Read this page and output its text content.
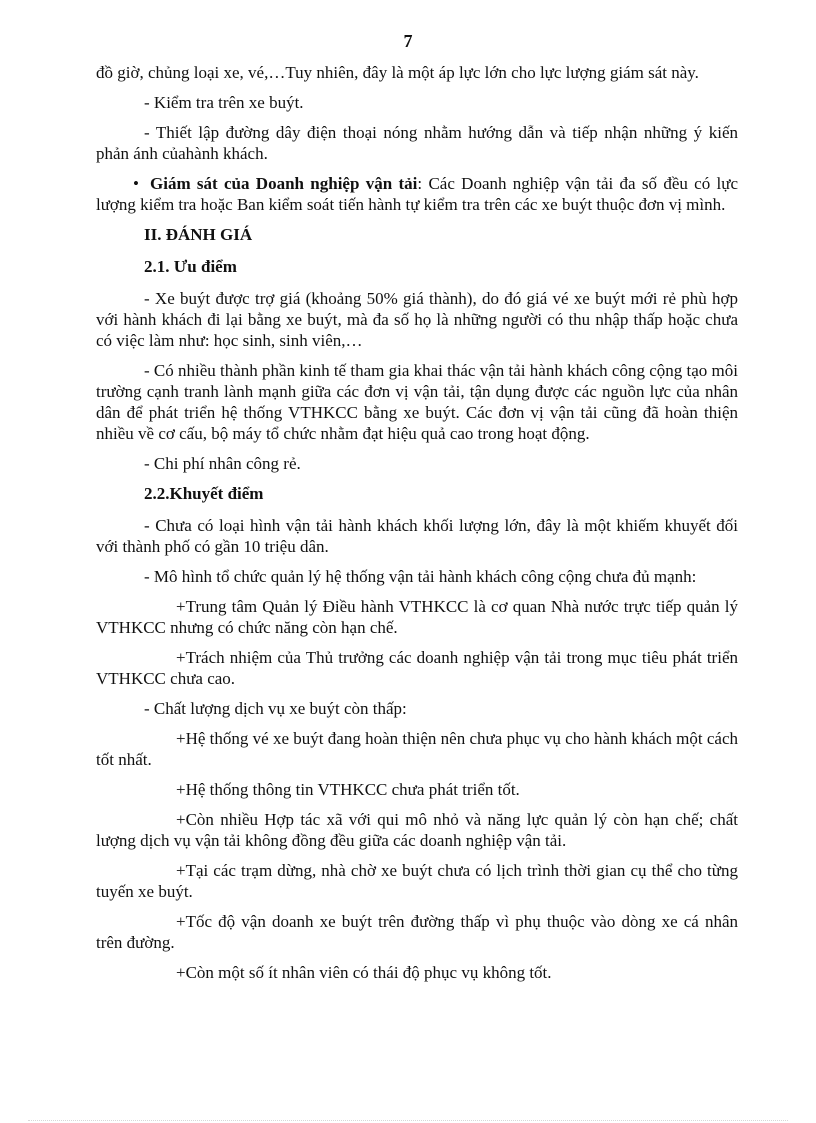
7

đồ giờ, chủng loại xe, vé,…Tuy nhiên, đây là một áp lực lớn cho lực lượng giám sát này.

- Kiểm tra trên xe buýt.

- Thiết lập đường dây điện thoại nóng nhằm hướng dẫn và tiếp nhận những ý kiến phản ánh củahành khách.

• Giám sát của Doanh nghiệp vận tải: Các Doanh nghiệp vận tải đa số đều có lực lượng kiểm tra hoặc Ban kiểm soát tiến hành tự kiểm tra trên các xe buýt thuộc đơn vị mình.

II. ĐÁNH GIÁ

2.1. Ưu điểm

- Xe buýt được trợ giá (khoảng 50% giá thành), do đó giá vé xe buýt mới rẻ phù hợp với hành khách đi lại bằng xe buýt, mà đa số họ là những người có thu nhập thấp hoặc chưa có việc làm như: học sinh, sinh viên,…

- Có nhiều thành phần kinh tế tham gia khai thác vận tải hành khách công cộng tạo môi trường cạnh tranh lành mạnh giữa các đơn vị vận tải, tận dụng được các nguồn lực của nhân dân để phát triển hệ thống VTHKCC bằng xe buýt. Các đơn vị vận tải cũng đã hoàn thiện nhiều về cơ cấu, bộ máy tổ chức nhằm đạt hiệu quả cao trong hoạt động.

- Chi phí nhân công rẻ.

2.2.Khuyết điểm

- Chưa có loại hình vận tải hành khách khối lượng lớn, đây là một khiếm khuyết đối với thành phố có gần 10 triệu dân.

- Mô hình tổ chức quản lý hệ thống vận tải hành khách công cộng chưa đủ mạnh:

+Trung tâm Quản lý Điều hành VTHKCC là cơ quan Nhà nước trực tiếp quản lý VTHKCC nhưng có chức năng còn hạn chế.

+Trách nhiệm của Thủ trưởng các doanh nghiệp vận tải trong mục tiêu phát triển VTHKCC chưa cao.

- Chất lượng dịch vụ xe buýt còn thấp:

+Hệ thống vé xe buýt đang hoàn thiện nên chưa phục vụ cho hành khách một cách tốt nhất.

+Hệ thống thông tin VTHKCC chưa phát triển tốt.

+Còn nhiều Hợp tác xã với qui mô nhỏ và năng lực quản lý còn hạn chế; chất lượng dịch vụ vận tải không đồng đều giữa các doanh nghiệp vận tải.

+Tại các trạm dừng, nhà chờ xe buýt chưa có lịch trình thời gian cụ thể cho từng tuyến xe buýt.

+Tốc độ vận doanh xe buýt trên đường thấp vì phụ thuộc vào dòng xe cá nhân trên đường.

+Còn một số ít nhân viên có thái độ phục vụ không tốt.
